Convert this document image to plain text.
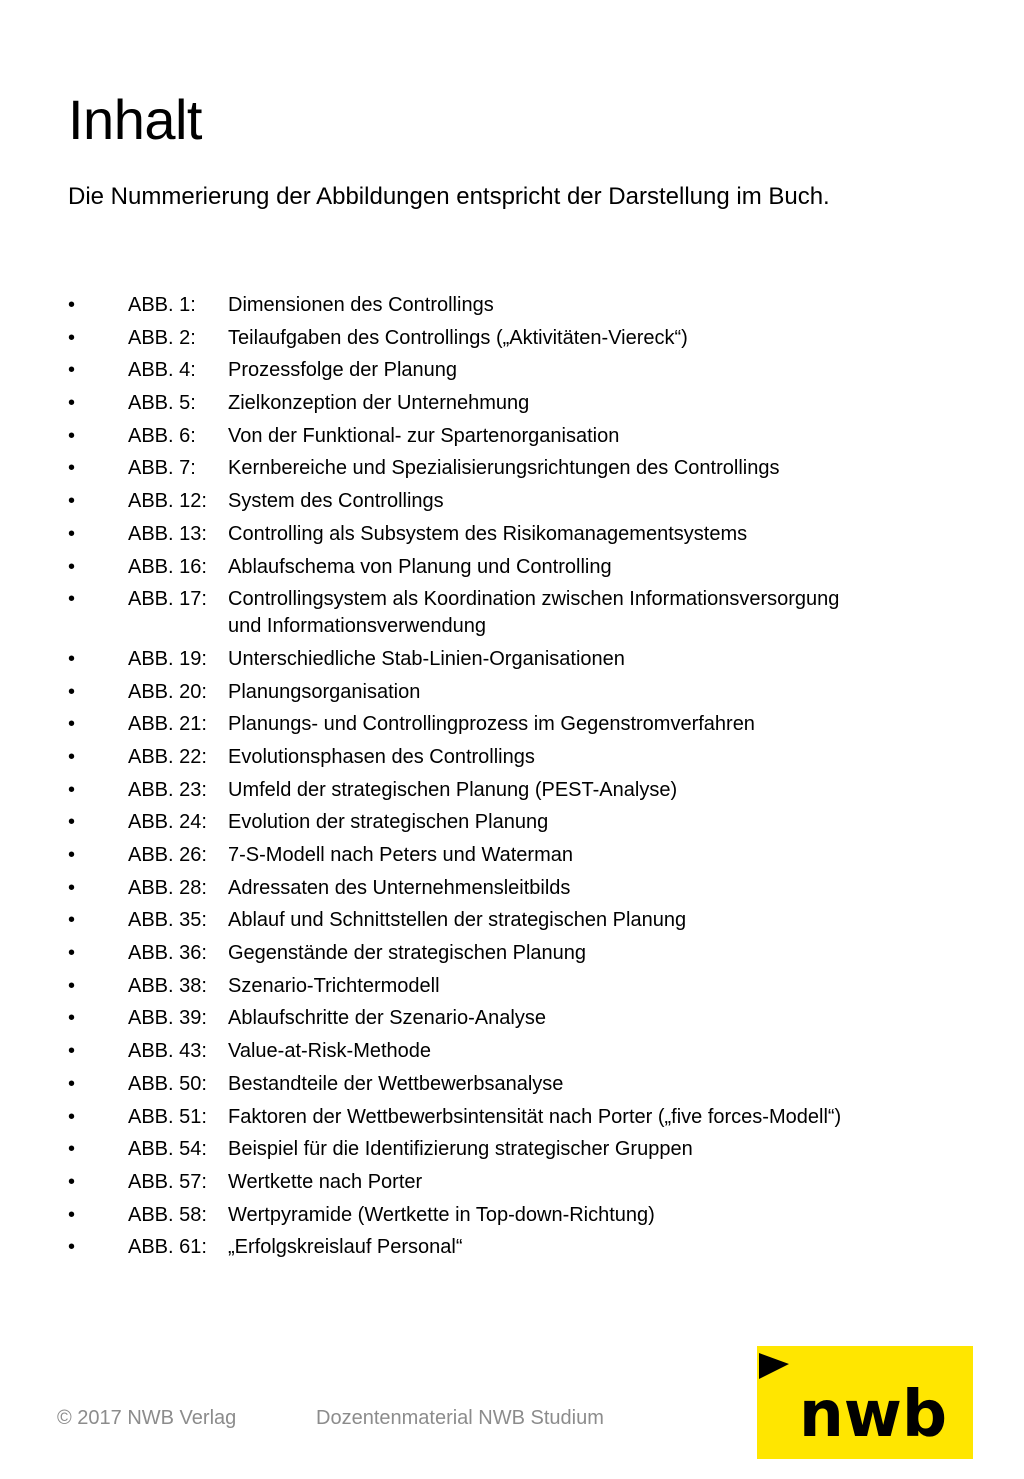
Inhalt

Die Nummerierung der Abbildungen entspricht der Darstellung im Buch.

•	ABB. 1:	Dimensionen des Controllings
•	ABB. 2:	Teilaufgaben des Controllings („Aktivitäten-Viereck“)
•	ABB. 4:	Prozessfolge der Planung
•	ABB. 5:	Zielkonzeption der Unternehmung
•	ABB. 6:	Von der Funktional- zur Spartenorganisation
•	ABB. 7:	Kernbereiche und Spezialisierungsrichtungen des Controllings
•	ABB. 12:	System des Controllings
•	ABB. 13:	Controlling als Subsystem des Risikomanagementsystems
•	ABB. 16:	Ablaufschema von Planung und Controlling
•	ABB. 17:	Controllingsystem als Koordination zwischen Informationsversorgung
und Informationsverwendung
•	ABB. 19:	Unterschiedliche Stab-Linien-Organisationen
•	ABB. 20:	Planungsorganisation
•	ABB. 21:	Planungs- und Controllingprozess im Gegenstromverfahren
•	ABB. 22:	Evolutionsphasen des Controllings
•	ABB. 23:	Umfeld der strategischen Planung (PEST-Analyse)
•	ABB. 24:	Evolution der strategischen Planung
•	ABB. 26:	7-S-Modell nach Peters und Waterman
•	ABB. 28:	Adressaten des Unternehmensleitbilds
•	ABB. 35:	Ablauf und Schnittstellen der strategischen Planung
•	ABB. 36:	Gegenstände der strategischen Planung
•	ABB. 38:	Szenario-Trichtermodell
•	ABB. 39:	Ablaufschritte der Szenario-Analyse
•	ABB. 43:	Value-at-Risk-Methode
•	ABB. 50:	Bestandteile der Wettbewerbsanalyse
•	ABB. 51:	Faktoren der Wettbewerbsintensität nach Porter („five forces-Modell“)
•	ABB. 54:	Beispiel für die Identifizierung strategischer Gruppen
•	ABB. 57:	Wertkette nach Porter
•	ABB. 58:	Wertpyramide (Wertkette in Top-down-Richtung)
•	ABB. 61:	„Erfolgskreislauf Personal“
© 2017 NWB Verlag	Dozentenmaterial NWB Studium	nwb
